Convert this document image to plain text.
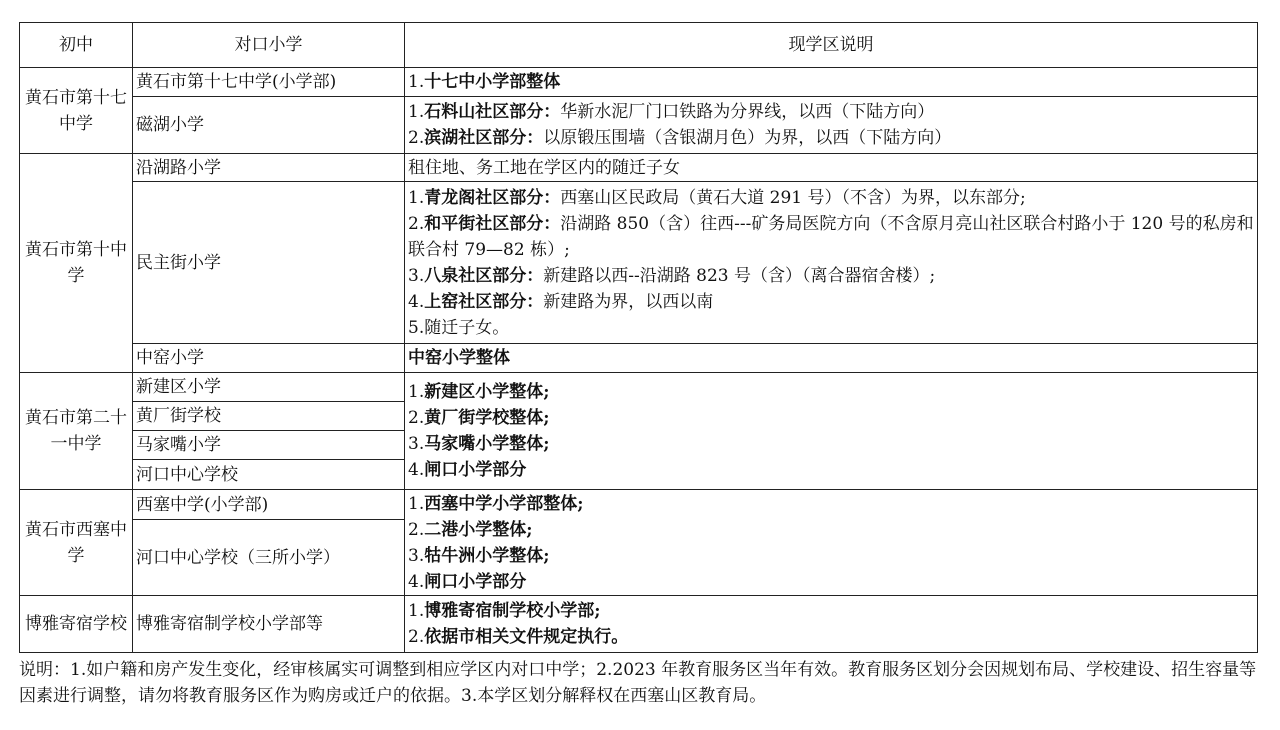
初中	对口小学	现学区说明
黄石市第十七中学	黄石市第十七中学(小学部)	1.十七中小学部整体

	磁湖小学	1.石料山社区部分：华新水泥厂门口铁路为分界线，以西（下陆方向）
2.滨湖社区部分：以原锻压围墙（含银湖月色）为界，以西（下陆方向）

黄石市第十中学	沿湖路小学	租住地、务工地在学区内的随迁子女

	民主街小学	1.青龙阁社区部分：西塞山区民政局（黄石大道 291 号）（不含）为界，以东部分;
2.和平街社区部分：沿湖路 850（含）往西---矿务局医院方向（不含原月亮山社区联合村路小于 120 号的私房和联合村 79—82 栋）;
3.八泉社区部分：新建路以西--沿湖路 823 号（含）（离合器宿舍楼）;
4.上窑社区部分：新建路为界，以西以南
5.随迁子女。

	中窑小学	中窑小学整体

黄石市第二十一中学	新建区小学	1.新建区小学整体;
2.黄厂街学校整体;
3.马家嘴小学整体;
4.闸口小学部分

	黄厂街学校	
	马家嘴小学	
	河口中心学校	
黄石市西塞中学	西塞中学(小学部)	1.西塞中学小学部整体;
2.二港小学整体;
3.牯牛洲小学整体;
4.闸口小学部分

	河口中心学校（三所小学）	
博雅寄宿学校	博雅寄宿制学校小学部等	1.博雅寄宿制学校小学部;
2.依据市相关文件规定执行。
说明：1.如户籍和房产发生变化，经审核属实可调整到相应学区内对口中学；2.2023 年教育服务区当年有效。教育服务区划分会因规划布局、学校建设、招生容量等因素进行调整，请勿将教育服务区作为购房或迁户的依据。3.本学区划分解释权在西塞山区教育局。
